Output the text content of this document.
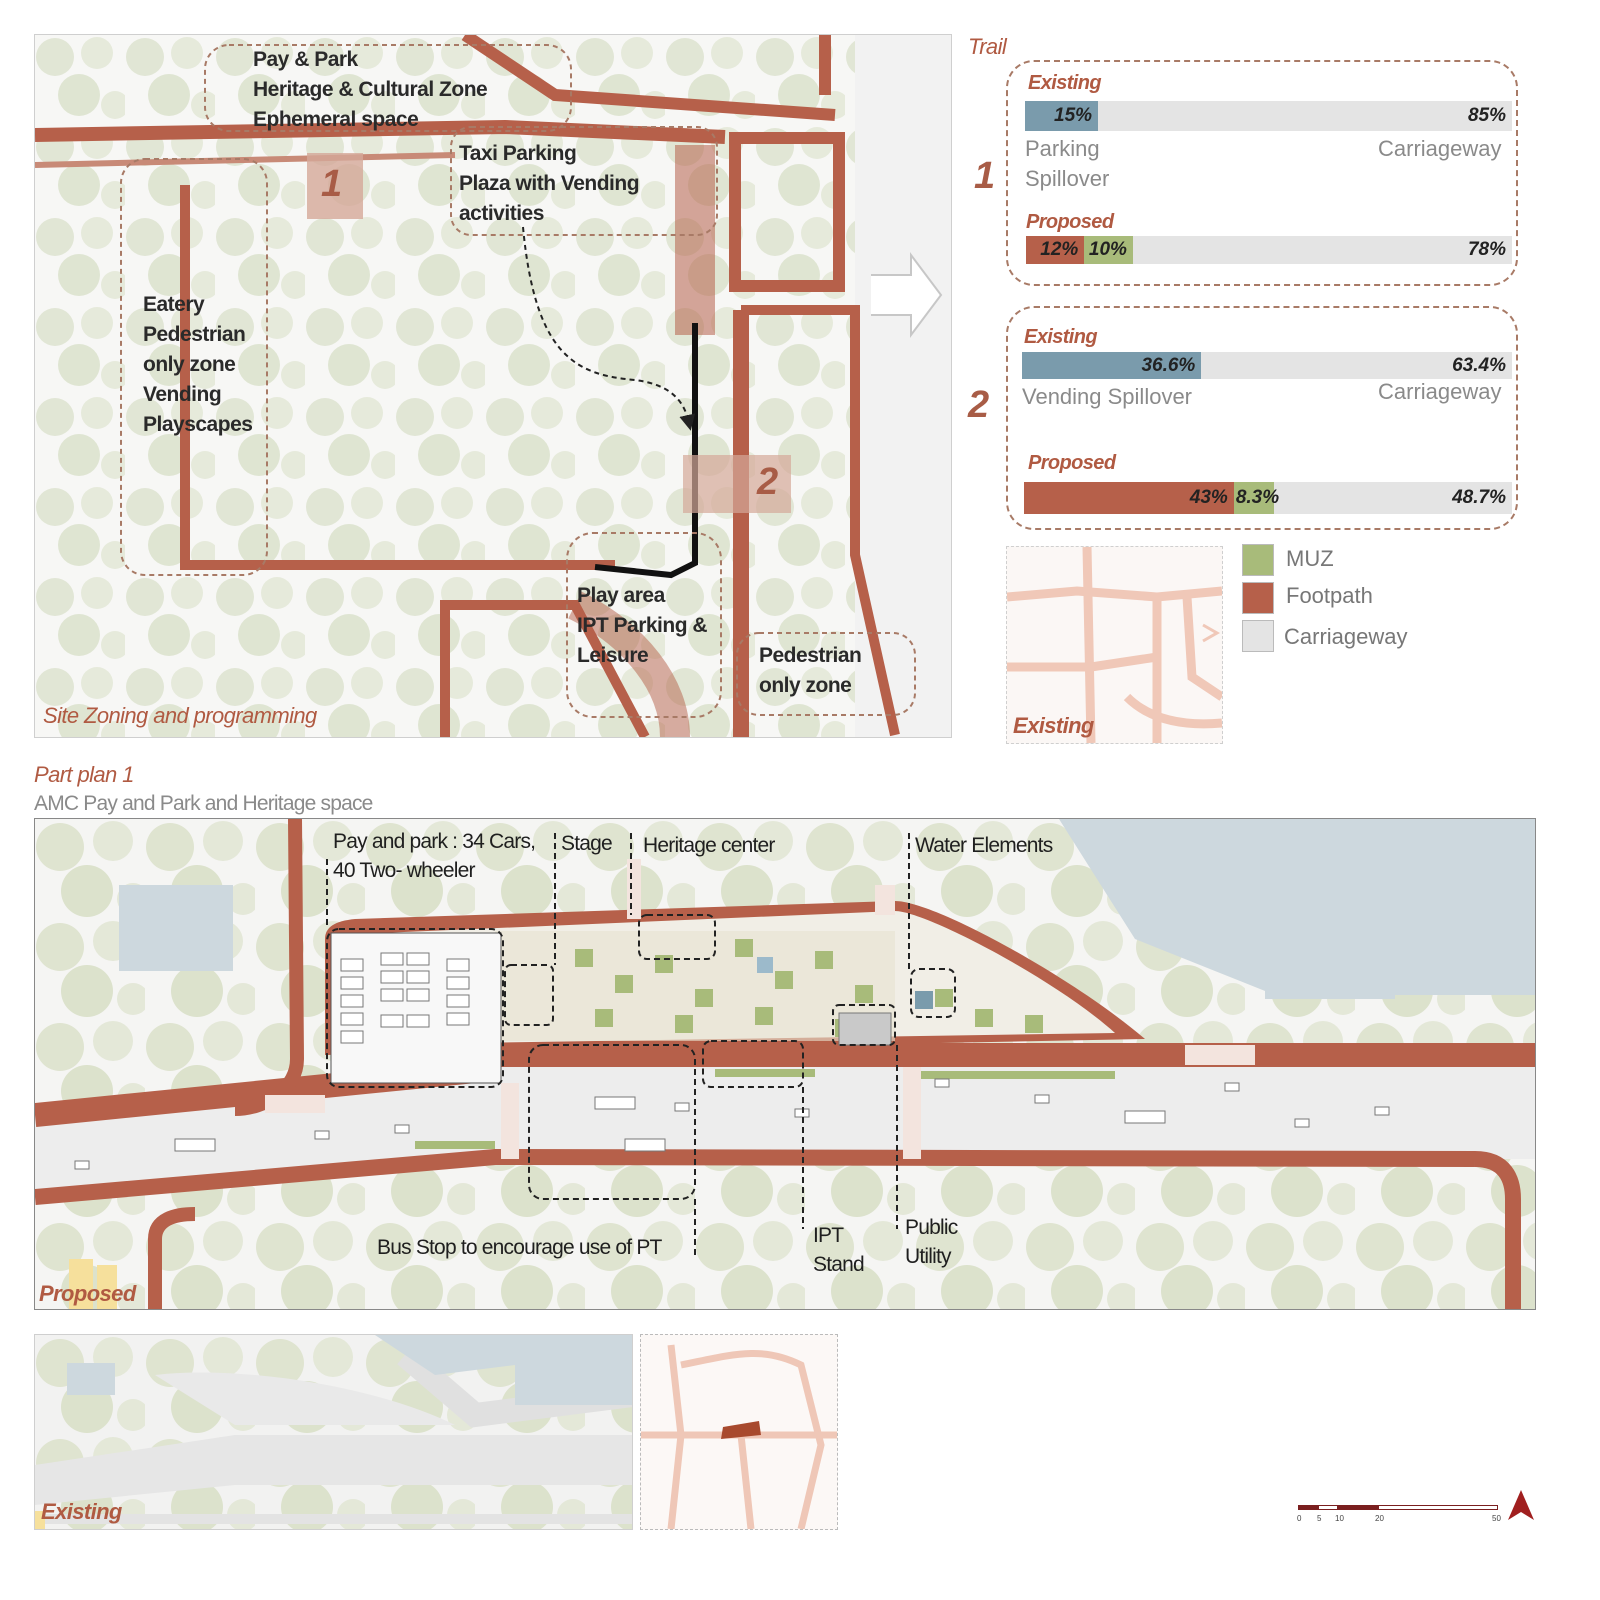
1
2
Pay & Park
Heritage & Cultural Zone
Ephemeral space
Taxi Parking
Plaza with Vending
activities
Eatery
Pedestrian
only zone
Vending
Playscapes
Play area
IPT Parking &
Leisure	Pedestrian
only zone
Site Zoning and programming
Trail
1
Existing
15%	85%
Parking
Spillover
Carriageway
Proposed
12% 10%	78%
2
Existing
36.6%	63.4%
Vending Spillover	Carriageway
Proposed
43% 8.3%	48.7%
Existing
MUZ
Footpath
Carriageway
Part plan 1
AMC Pay and Park and Heritage space
Pay and park : 34 Cars,
40 Two- wheeler
Stage Heritage center	Water Elements
Bus Stop to encourage use of PT
IPT
Stand
Public
Utility
Proposed
Existing	0 5 10	20	50
